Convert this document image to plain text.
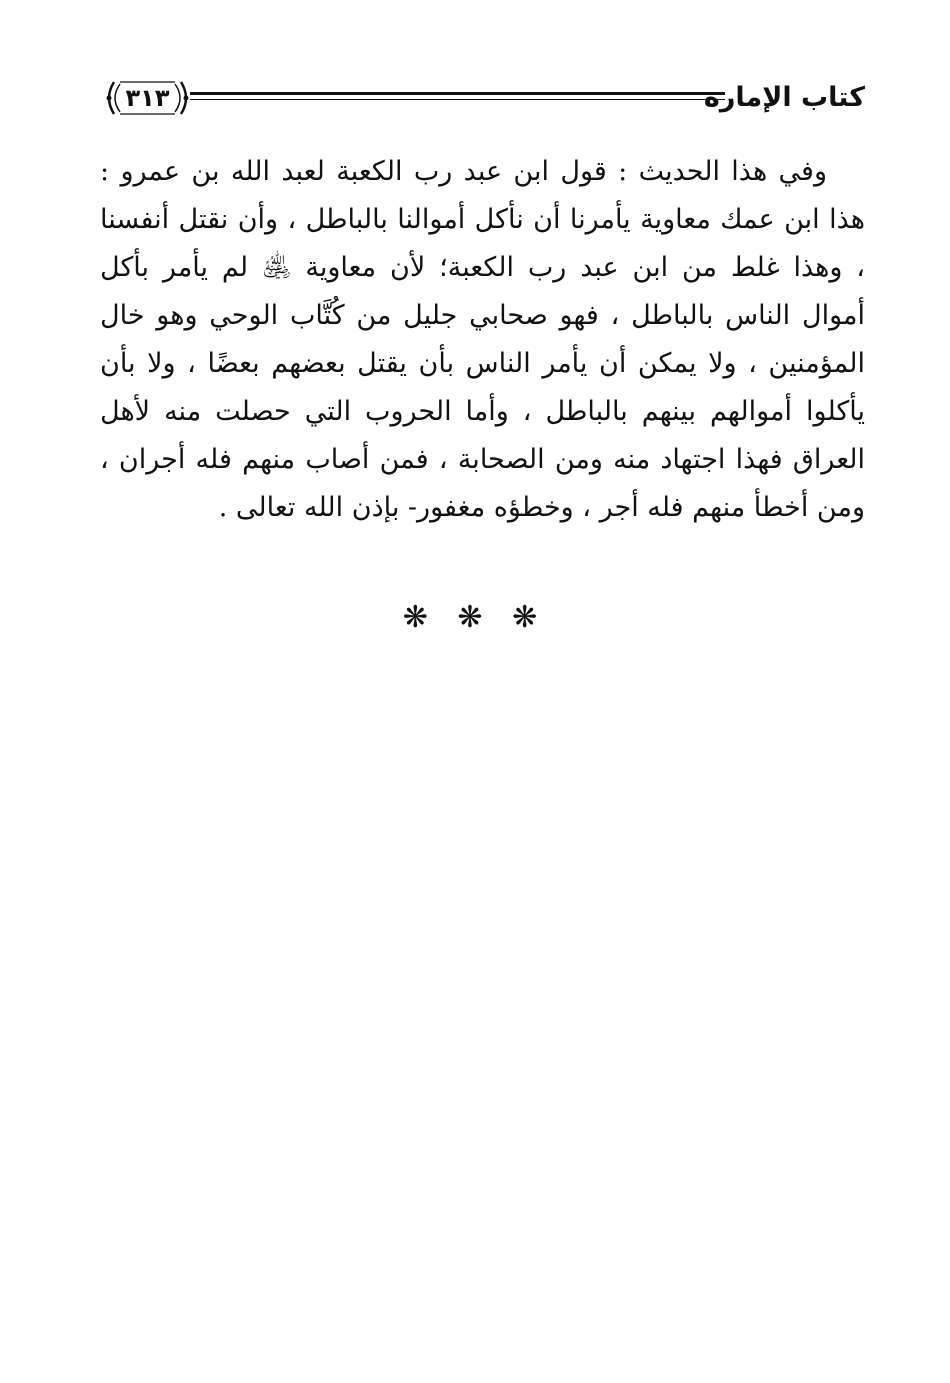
كتاب الإمارة
٣١٣

وفي هذا الحديث : قول ابن عبد رب الكعبة لعبد الله بن عمرو : هذا ابن عمك معاوية يأمرنا أن نأكل أموالنا بالباطل ، وأن نقتل أنفسنا ، وهذا غلط من ابن عبد رب الكعبة؛ لأن معاوية ﵁ لم يأمر بأكل أموال الناس بالباطل ، فهو صحابي جليل من كُتَّاب الوحي وهو خال المؤمنين ، ولا يمكن أن يأمر الناس بأن يقتل بعضهم بعضًا ، ولا بأن يأكلوا أموالهم بينهم بالباطل ، وأما الحروب التي حصلت منه لأهل العراق فهذا اجتهاد منه ومن الصحابة ، فمن أصاب منهم فله أجران ، ومن أخطأ منهم فله أجر ، وخطؤه مغفور- بإذن الله تعالى .

❋ ❋ ❋
